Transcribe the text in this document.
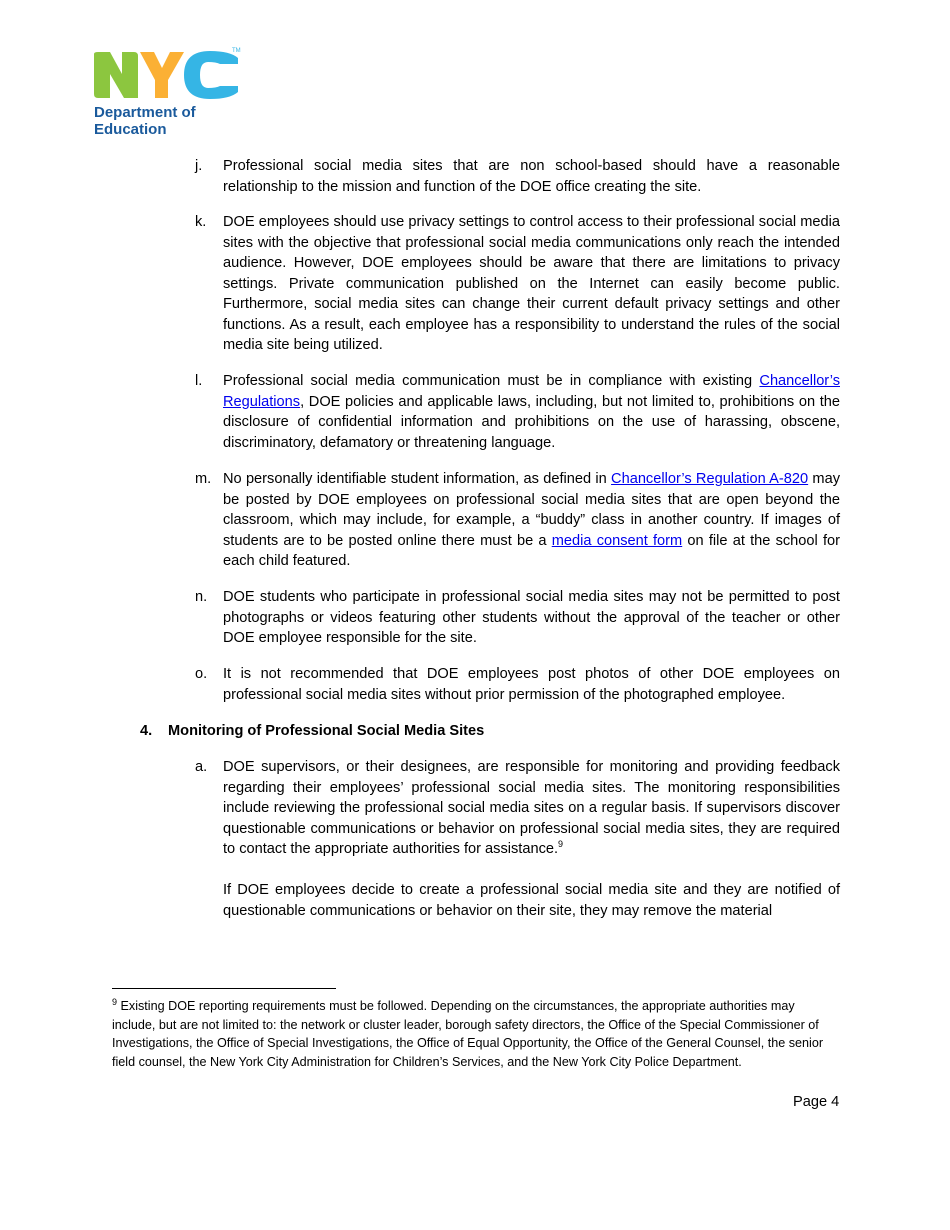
TM
Department of
Education
j. Professional social media sites that are non school-based should have a reasonable relationship to the mission and function of the DOE office creating the site.
k. DOE employees should use privacy settings to control access to their professional social media sites with the objective that professional social media communications only reach the intended audience. However, DOE employees should be aware that there are limitations to privacy settings. Private communication published on the Internet can easily become public. Furthermore, social media sites can change their current default privacy settings and other functions. As a result, each employee has a responsibility to understand the rules of the social media site being utilized.
l. Professional social media communication must be in compliance with existing Chancellor’s Regulations, DOE policies and applicable laws, including, but not limited to, prohibitions on the disclosure of confidential information and prohibitions on the use of harassing, obscene, discriminatory, defamatory or threatening language.
m. No personally identifiable student information, as defined in Chancellor’s Regulation A-820 may be posted by DOE employees on professional social media sites that are open beyond the classroom, which may include, for example, a “buddy” class in another country. If images of students are to be posted online there must be a media consent form on file at the school for each child featured.
n. DOE students who participate in professional social media sites may not be permitted to post photographs or videos featuring other students without the approval of the teacher or other DOE employee responsible for the site.
o. It is not recommended that DOE employees post photos of other DOE employees on professional social media sites without prior permission of the photographed employee.
4. Monitoring of Professional Social Media Sites
a. DOE supervisors, or their designees, are responsible for monitoring and providing feedback regarding their employees’ professional social media sites. The monitoring responsibilities include reviewing the professional social media sites on a regular basis. If supervisors discover questionable communications or behavior on professional social media sites, they are required to contact the appropriate authorities for assistance.$^9$
If DOE employees decide to create a professional social media site and they are notified of questionable communications or behavior on their site, they may remove the material
$^9$ Existing DOE reporting requirements must be followed. Depending on the circumstances, the appropriate authorities may include, but are not limited to: the network or cluster leader, borough safety directors, the Office of the Special Commissioner of Investigations, the Office of Special Investigations, the Office of Equal Opportunity, the Office of the General Counsel, the senior field counsel, the New York City Administration for Children’s Services, and the New York City Police Department.
Page 4
